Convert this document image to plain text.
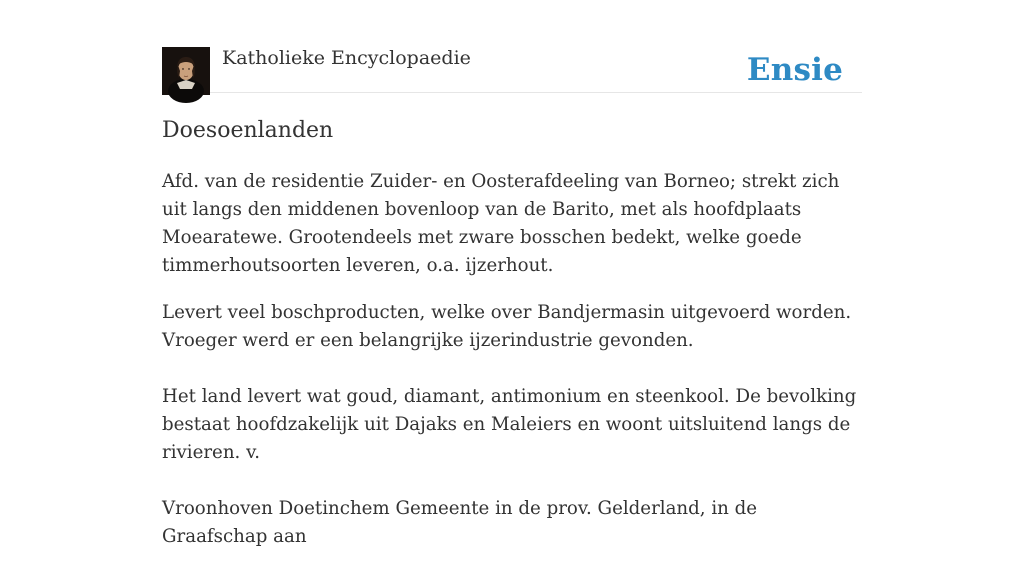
Katholieke Encyclopaedie	Ensie
Doesoenlanden

Afd. van de residentie Zuider- en Oosterafdeeling van Borneo; strekt zich uit langs den middenen bovenloop van de Barito, met als hoofdplaats Moearatewe. Grootendeels met zware bosschen bedekt, welke goede timmerhoutsoorten leveren, o.a. ijzerhout.

Levert veel boschproducten, welke over Bandjermasin uitgevoerd worden. Vroeger werd er een belangrijke ijzerindustrie gevonden.

Het land levert wat goud, diamant, antimonium en steenkool. De bevolking bestaat hoofdzakelijk uit Dajaks en Maleiers en woont uitsluitend langs de rivieren. v.

Vroonhoven Doetinchem Gemeente in de prov. Gelderland, in de Graafschap aan
